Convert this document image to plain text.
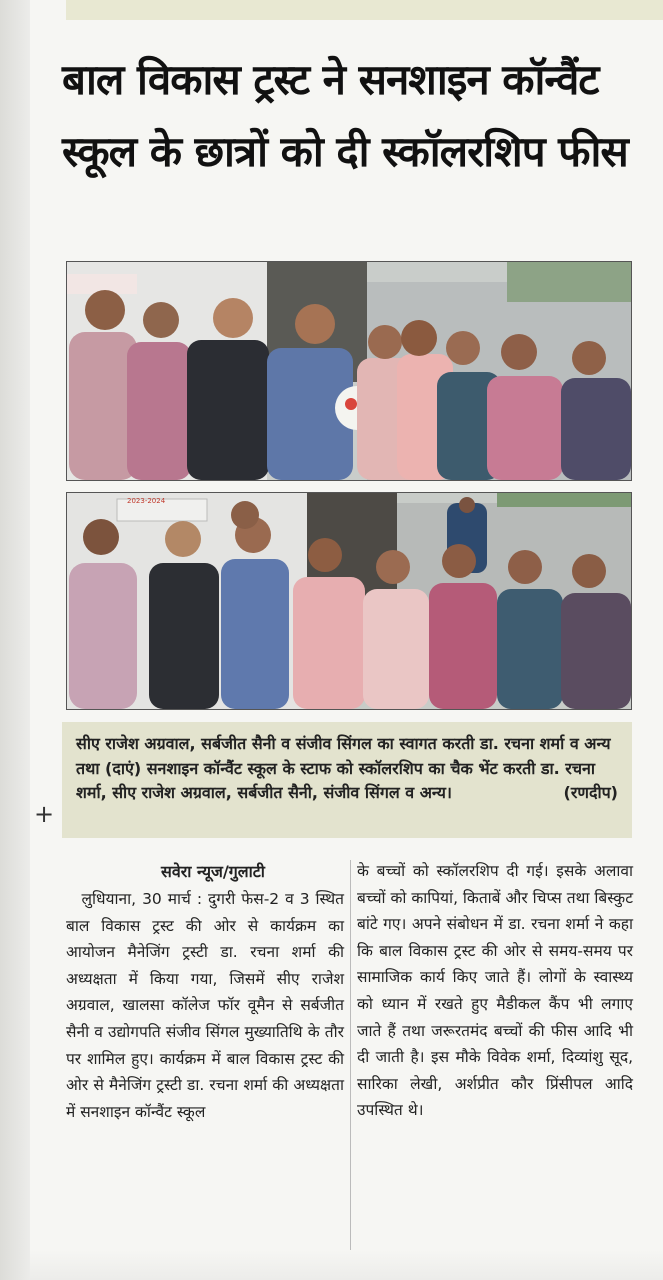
बाल विकास ट्रस्ट ने सनशाइन कॉन्वैंट स्कूल के छात्रों को दी स्कॉलरशिप फीस
2023-2024
सीए राजेश अग्रवाल, सर्बजीत सैनी व संजीव सिंगल का स्वागत करती डा. रचना शर्मा व अन्य तथा (दाएं) सनशाइन कॉन्वैंट स्कूल के स्टाफ को स्कॉलरशिप का चैक भेंट करती डा. रचना शर्मा, सीए राजेश अग्रवाल, सर्बजीत सैनी, संजीव सिंगल व अन्य।	(रणदीप)
+

सवेरा न्यूज/गुलाटी

लुधियाना, 30 मार्च : दुगरी फेस-2 व 3 स्थित बाल विकास ट्रस्ट की ओर से कार्यक्रम का आयोजन मैनेजिंग ट्रस्टी डा. रचना शर्मा की अध्यक्षता में किया गया, जिसमें सीए राजेश अग्रवाल, खालसा कॉलेज फॉर वूमैन से सर्बजीत सैनी व उद्योगपति संजीव सिंगल मुख्यातिथि के तौर पर शामिल हुए। कार्यक्रम में बाल विकास ट्रस्ट की ओर से मैनेजिंग ट्रस्टी डा. रचना शर्मा की अध्यक्षता में सनशाइन कॉन्वैंट स्कूल

के बच्चों को स्कॉलरशिप दी गई। इसके अलावा बच्चों को कापियां, किताबें और चिप्स तथा बिस्कुट बांटे गए। अपने संबोधन में डा. रचना शर्मा ने कहा कि बाल विकास ट्रस्ट की ओर से समय-समय पर सामाजिक कार्य किए जाते हैं। लोगों के स्वास्थ्य को ध्यान में रखते हुए मैडीकल कैंप भी लगाए जाते हैं तथा जरूरतमंद बच्चों की फीस आदि भी दी जाती है। इस मौके विवेक शर्मा, दिव्यांशु सूद, सारिका लेखी, अर्शप्रीत कौर प्रिंसीपल आदि उपस्थित थे।
